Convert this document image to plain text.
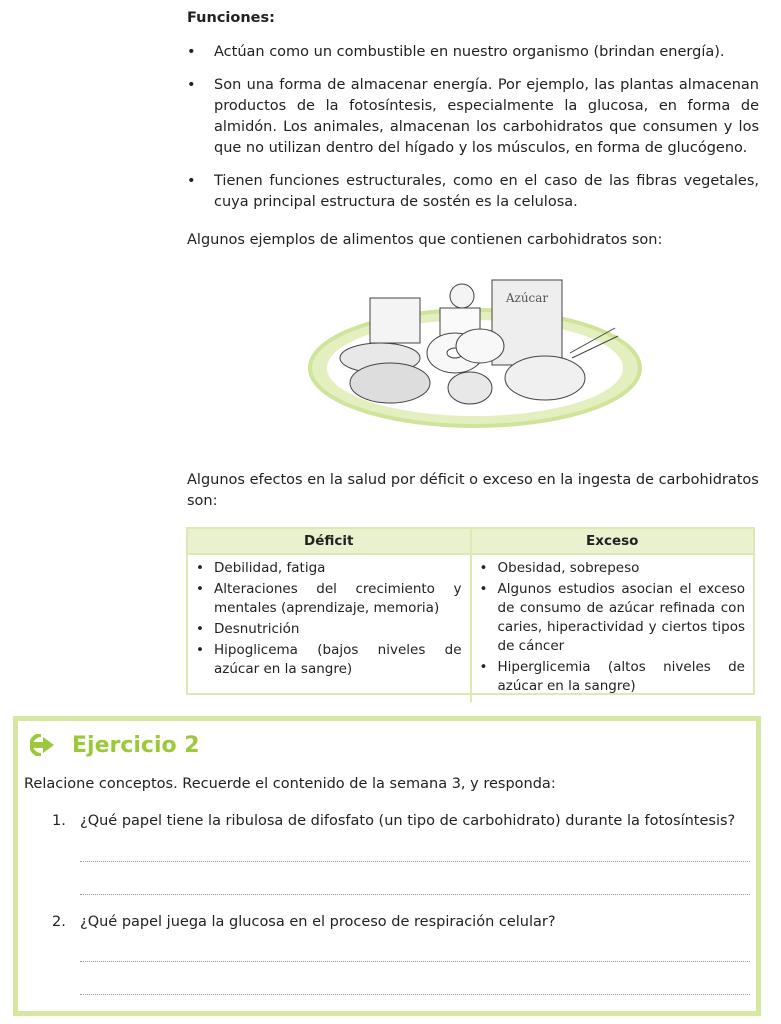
Funciones:
• Actúan como un combustible en nuestro organismo (brindan energía).
• Son una forma de almacenar energía. Por ejemplo, las plantas almacenan productos de la fotosíntesis, especialmente la glucosa, en forma de almidón. Los animales, almacenan los carbohidratos que consumen y los que no utilizan dentro del hígado y los músculos, en forma de glucógeno.
• Tienen funciones estructurales, como en el caso de las fibras vegetales, cuya principal estructura de sostén es la celulosa.
Algunos ejemplos de alimentos que contienen carbohidratos son:
Azúcar
Algunos efectos en la salud por déficit o exceso en la ingesta de carbohidratos son:
Déficit	Exceso
• Debilidad, fatiga
• Alteraciones del crecimiento y mentales (aprendizaje, memoria)
• Desnutrición
• Hipoglicema (bajos niveles de azúcar en la sangre)
• Obesidad, sobrepeso
• Algunos estudios asocian el exceso de consumo de azúcar refinada con caries, hiperactividad y ciertos tipos de cáncer
• Hiperglicemia (altos niveles de azúcar en la sangre)
Ejercicio 2
Relacione conceptos. Recuerde el contenido de la semana 3, y responda:
1. ¿Qué papel tiene la ribulosa de difosfato (un tipo de carbohidrato) durante la fotosíntesis?
2. ¿Qué papel juega la glucosa en el proceso de respiración celular?
